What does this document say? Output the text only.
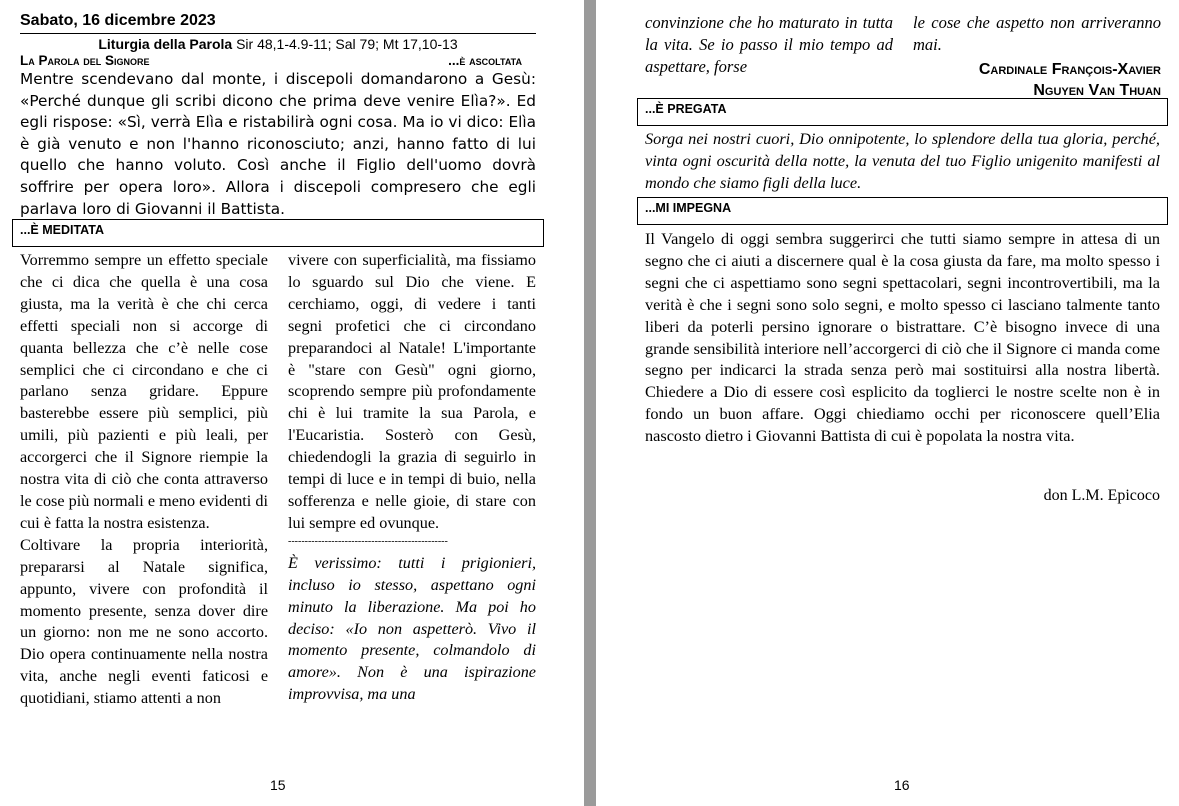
Sabato, 16 dicembre 2023
Liturgia della Parola Sir 48,1-4.9-11; Sal 79; Mt 17,10-13
La Parola del Signore	...è ascoltata

Mentre scendevano dal monte, i discepoli domandarono a Gesù: «Perché dunque gli scribi dicono che prima deve venire Elìa?». Ed egli rispose: «Sì, verrà Elìa e ristabilirà ogni cosa. Ma io vi dico: Elìa è già venuto e non l'hanno riconosciuto; anzi, hanno fatto di lui quello che hanno voluto. Così anche il Figlio dell'uomo dovrà soffrire per opera loro». Allora i discepoli compresero che egli parlava loro di Giovanni il Battista.

...È MEDITATA

Vorremmo sempre un effetto speciale che ci dica che quella è una cosa giusta, ma la verità è che chi cerca effetti speciali non si accorge di quanta bellezza che c’è nelle cose semplici che ci circondano e che ci parlano senza gridare. Eppure basterebbe essere più semplici, più umili, più pazienti e più leali, per accorgerci che il Signore riempie la nostra vita di ciò che conta attraverso le cose più normali e meno evidenti di cui è fatta la nostra esistenza.

Coltivare la propria interiorità, prepararsi al Natale significa, appunto, vivere con profondità il momento presente, senza dover dire un giorno: non me ne sono accorto. Dio opera continuamente nella nostra vita, anche negli eventi faticosi e quotidiani, stiamo attenti a non

vivere con superficialità, ma fissiamo lo sguardo sul Dio che viene. E cerchiamo, oggi, di vedere i tanti segni profetici che ci circondano preparandoci al Natale! L'importante è "stare con Gesù" ogni giorno, scoprendo sempre più profondamente chi è lui tramite la sua Parola, e l'Eucaristia. Sosterò con Gesù, chiedendogli la grazia di seguirlo in tempi di luce e in tempi di buio, nella sofferenza e nelle gioie, di stare con lui sempre ed ovunque.

------------------------------------------------

È verissimo: tutti i prigionieri, incluso io stesso, aspettano ogni minuto la liberazione. Ma poi ho deciso: «Io non aspetterò. Vivo il momento presente, colmandolo di amore». Non è una ispirazione improvvisa, ma una

15
convinzione che ho maturato in tutta la vita. Se io passo il mio tempo ad aspettare, forse
le cose che aspetto non arriveranno mai.
Cardinale François-Xavier
Nguyen Van Thuan
...È PREGATA
Sorga nei nostri cuori, Dio onnipotente, lo splendore della tua gloria, perché, vinta ogni oscurità della notte, la venuta del tuo Figlio unigenito manifesti al mondo che siamo figli della luce.
...MI IMPEGNA
Il Vangelo di oggi sembra suggerirci che tutti siamo sempre in attesa di un segno che ci aiuti a discernere qual è la cosa giusta da fare, ma molto spesso i segni che ci aspettiamo sono segni spettacolari, segni incontrovertibili, ma la verità è che i segni sono solo segni, e molto spesso ci lasciano talmente tanto liberi da poterli persino ignorare o bistrattare. C’è bisogno invece di una grande sensibilità interiore nell’accorgerci di ciò che il Signore ci manda come segno per indicarci la strada senza però mai sostituirsi alla nostra libertà. Chiedere a Dio di essere così esplicito da toglierci le nostre scelte non è in fondo un buon affare. Oggi chiediamo occhi per riconoscere quell’Elia nascosto dietro i Giovanni Battista di cui è popolata la nostra vita.
don L.M. Epicoco
16
